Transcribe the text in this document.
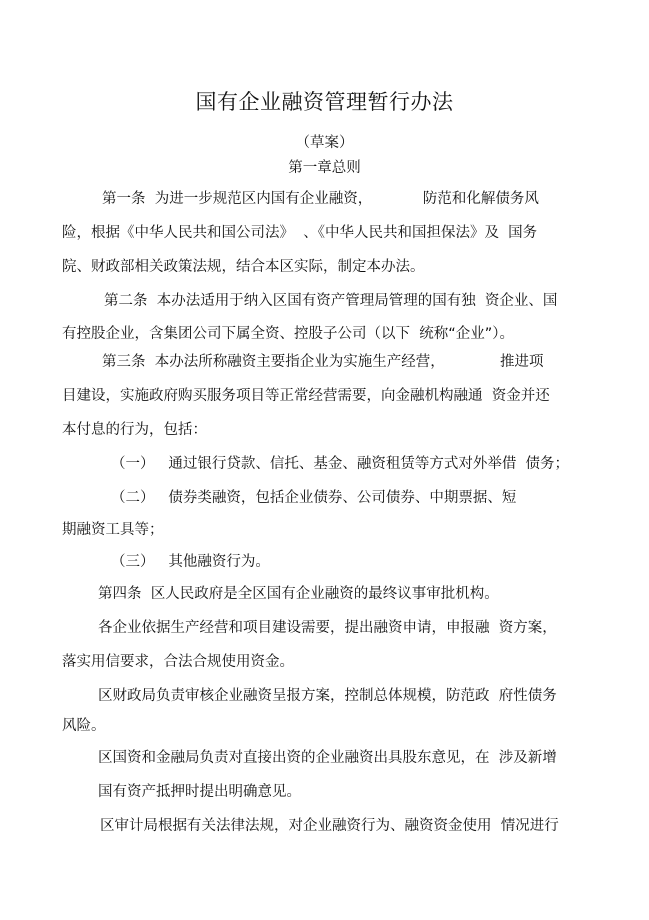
国有企业融资管理暂行办法
（草案）
第一章总则
第一条  为进一步规范区内国有企业融资，           防范和化解债务风
险，根据《中华人民共和国公司法》  、《中华人民共和国担保法》及  国务
院、财政部相关政策法规，结合本区实际，制定本办法。
第二条  本办法适用于纳入区国有资产管理局管理的国有独  资企业、国
有控股企业，含集团公司下属全资、控股子公司（以下  统称“企业”）。
第三条  本办法所称融资主要指企业为实施生产经营，            推进项
目建设，实施政府购买服务项目等正常经营需要，向金融机构融通  资金并还
本付息的行为，包括：
（一）   通过银行贷款、信托、基金、融资租赁等方式对外举借  债务；
（二）   债券类融资，包括企业债券、公司债券、中期票据、短
期融资工具等；
（三）   其他融资行为。
第四条  区人民政府是全区国有企业融资的最终议事审批机构。
各企业依据生产经营和项目建设需要，提出融资申请，申报融  资方案，
落实用信要求，合法合规使用资金。
区财政局负责审核企业融资呈报方案，控制总体规模，防范政  府性债务
风险。
区国资和金融局负责对直接出资的企业融资出具股东意见，在  涉及新增
国有资产抵押时提出明确意见。
区审计局根据有关法律法规，对企业融资行为、融资资金使用  情况进行
